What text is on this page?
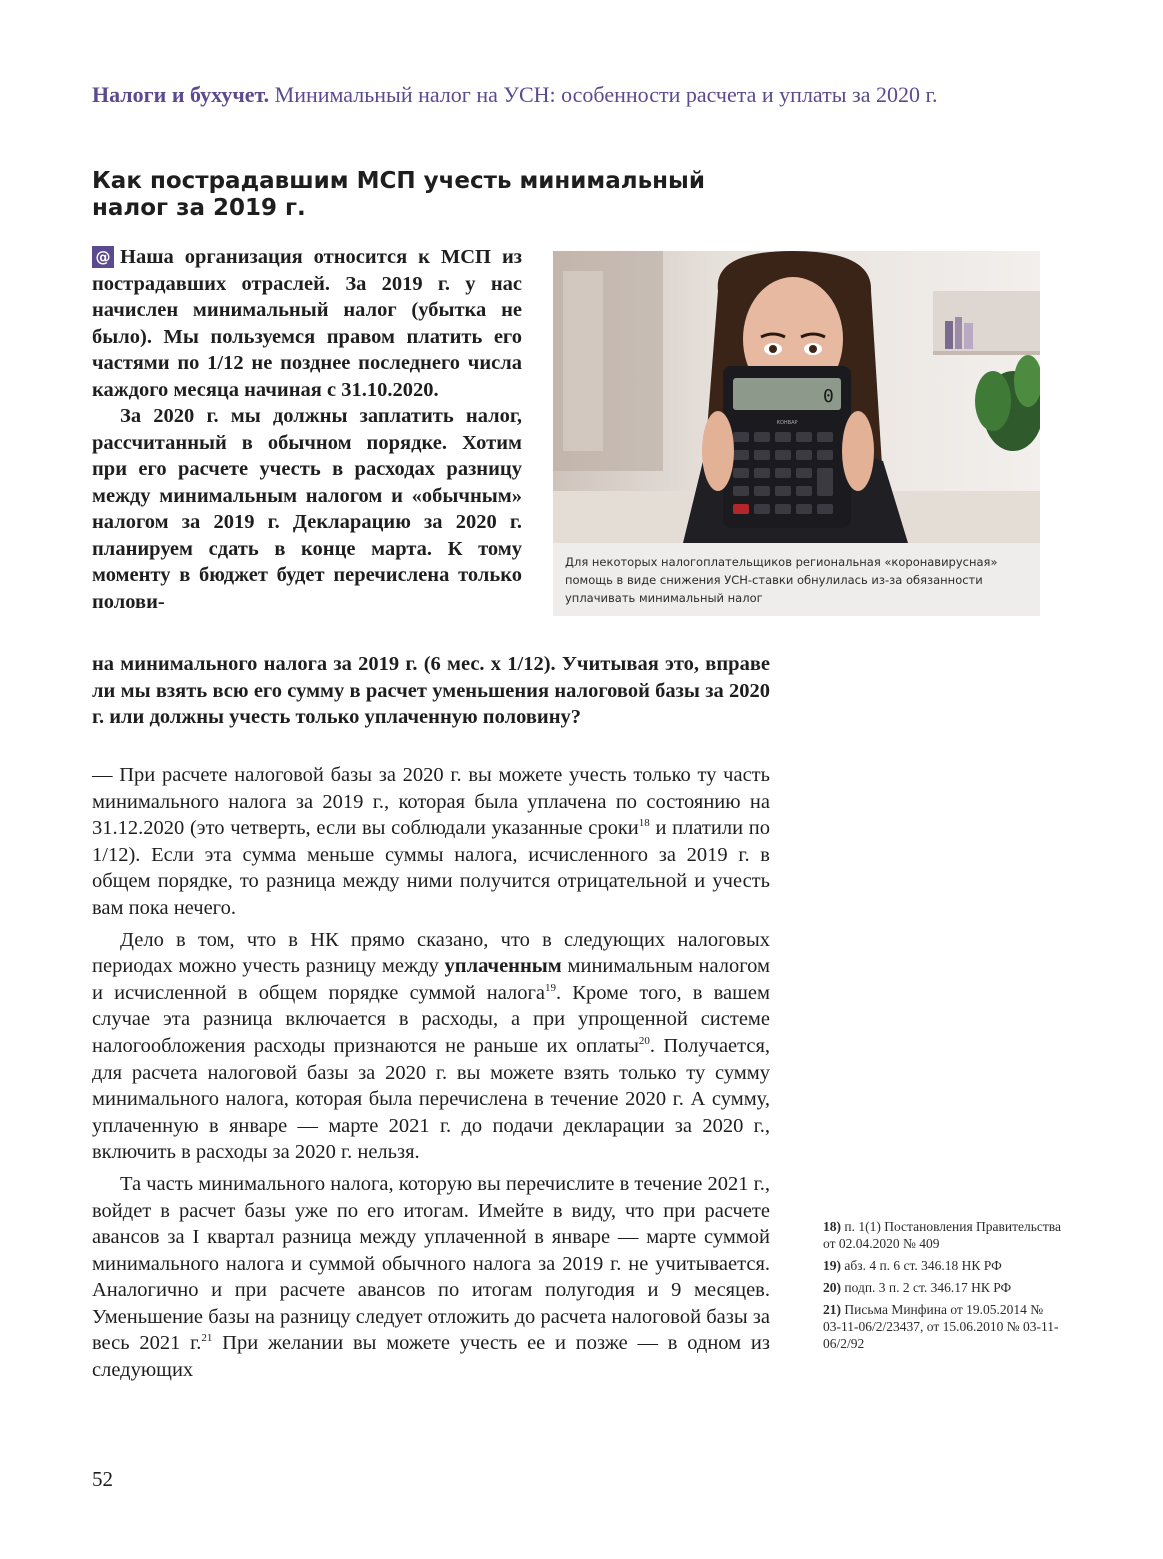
Налоги и бухучет. Минимальный налог на УСН: особенности расчета и уплаты за 2020 г.
Как пострадавшим МСП учесть минимальный
налог за 2019 г.
0
КОНВАР
Для некоторых налогоплательщиков региональная «коронавирусная» помощь в виде снижения УСН-ставки обнулилась из-за обязанности уплачивать минимальный налог

@ Наша организация относится к МСП из пострадавших отраслей. За 2019 г. у нас начислен минимальный налог (убытка не было). Мы пользуемся правом платить его частями по 1/12 не позднее последнего числа каждого месяца начиная с 31.10.2020.

За 2020 г. мы должны заплатить налог, рассчитанный в обычном порядке. Хотим при его расчете учесть в расходах разницу между минимальным налогом и «обычным» налогом за 2019 г. Декларацию за 2020 г. планируем сдать в конце марта. К тому моменту в бюджет будет перечислена только полови-

на минимального налога за 2019 г. (6 мес. х 1/12). Учитывая это, вправе ли мы взять всю его сумму в расчет уменьшения налоговой базы за 2020 г. или должны учесть только уплаченную половину?

— При расчете налоговой базы за 2020 г. вы можете учесть только ту часть минимального налога за 2019 г., которая была уплачена по состоянию на 31.12.2020 (это четверть, если вы соблюдали указанные сроки$^{18}$ и платили по 1/12). Если эта сумма меньше суммы налога, исчисленного за 2019 г. в общем порядке, то разница между ними получится отрицательной и учесть вам пока нечего.

Дело в том, что в НК прямо сказано, что в следующих налоговых периодах можно учесть разницу между уплаченным минимальным налогом и исчисленной в общем порядке суммой налога$^{19}$. Кроме того, в вашем случае эта разница включается в расходы, а при упрощенной системе налогообложения расходы признаются не раньше их оплаты$^{20}$. Получается, для расчета налоговой базы за 2020 г. вы можете взять только ту сумму минимального налога, которая была перечислена в течение 2020 г. А сумму, уплаченную в январе — марте 2021 г. до подачи декларации за 2020 г., включить в расходы за 2020 г. нельзя.

Та часть минимального налога, которую вы перечислите в течение 2021 г., войдет в расчет базы уже по его итогам. Имейте в виду, что при расчете авансов за I квартал разница между уплаченной в январе — марте суммой минимального налога и суммой обычного налога за 2019 г. не учитывается. Аналогично и при расчете авансов по итогам полугодия и 9 месяцев. Уменьшение базы на разницу следует отложить до расчета налоговой базы за весь 2021 г.$^{21}$ При желании вы можете учесть ее и позже — в одном из следующих

18) п. 1(1) Постановления Правительства от 02.04.2020 № 409
19) абз. 4 п. 6 ст. 346.18 НК РФ
20) подп. 3 п. 2 ст. 346.17 НК РФ
21) Письма Минфина от 19.05.2014 № 03-11-06/2/23437, от 15.06.2010 № 03-11-06/2/92
52
